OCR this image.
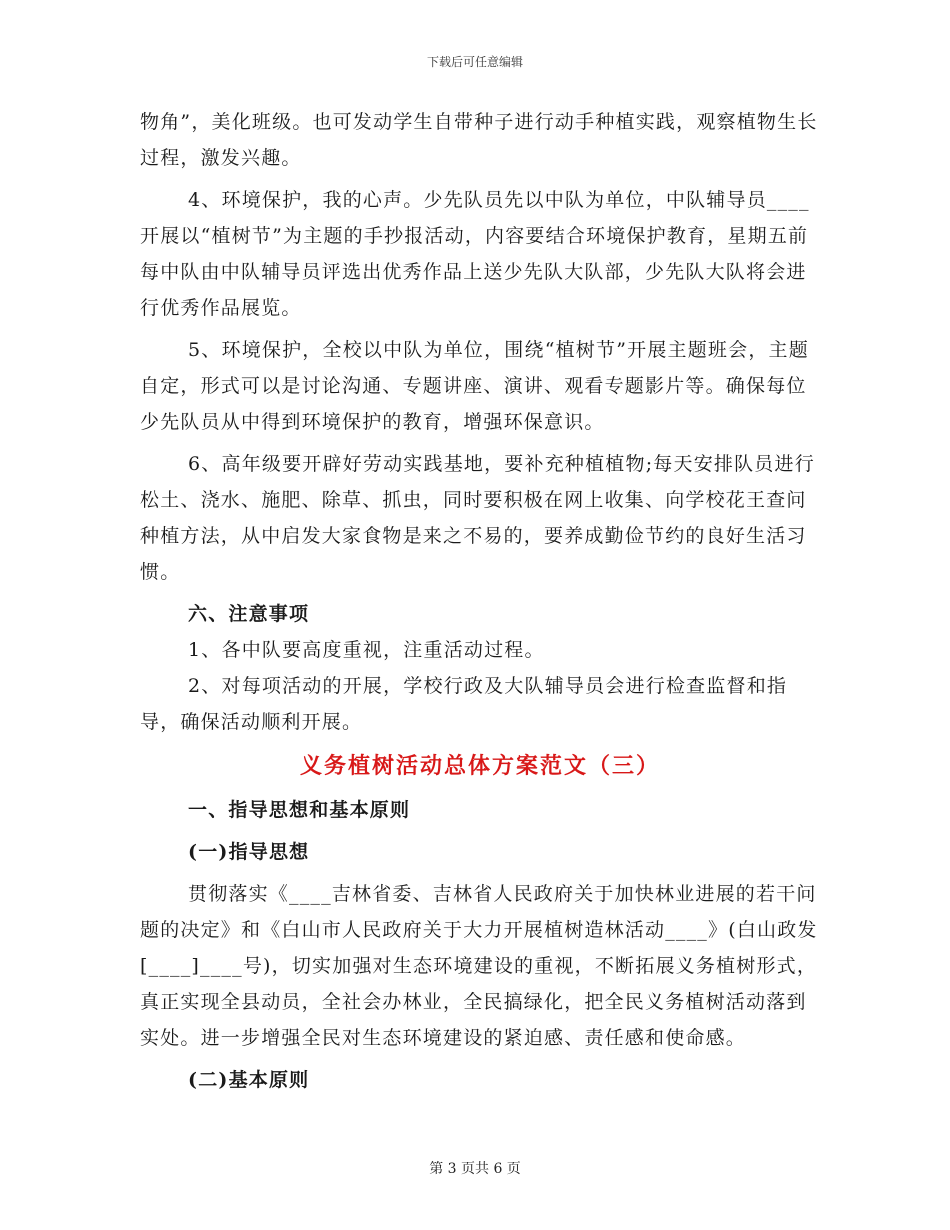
下载后可任意编辑

物角”，美化班级。也可发动学生自带种子进行动手种植实践，观察植物生长过程，激发兴趣。

4、环境保护，我的心声。少先队员先以中队为单位，中队辅导员____开展以“植树节”为主题的手抄报活动，内容要结合环境保护教育，星期五前每中队由中队辅导员评选出优秀作品上送少先队大队部，少先队大队将会进行优秀作品展览。

5、环境保护，全校以中队为单位，围绕“植树节”开展主题班会，主题自定，形式可以是讨论沟通、专题讲座、演讲、观看专题影片等。确保每位少先队员从中得到环境保护的教育，增强环保意识。

6、高年级要开辟好劳动实践基地，要补充种植植物;每天安排队员进行松土、浇水、施肥、除草、抓虫，同时要积极在网上收集、向学校花王查问种植方法，从中启发大家食物是来之不易的，要养成勤俭节约的良好生活习惯。

六、注意事项

1、各中队要高度重视，注重活动过程。

2、对每项活动的开展，学校行政及大队辅导员会进行检查监督和指导，确保活动顺利开展。

义务植树活动总体方案范文（三）

一、指导思想和基本原则

(一)指导思想

贯彻落实《____吉林省委、吉林省人民政府关于加快林业进展的若干问题的决定》和《白山市人民政府关于大力开展植树造林活动____》(白山政发[____]____号)，切实加强对生态环境建设的重视，不断拓展义务植树形式，真正实现全县动员，全社会办林业，全民搞绿化，把全民义务植树活动落到实处。进一步增强全民对生态环境建设的紧迫感、责任感和使命感。

(二)基本原则

第 3 页共 6 页
